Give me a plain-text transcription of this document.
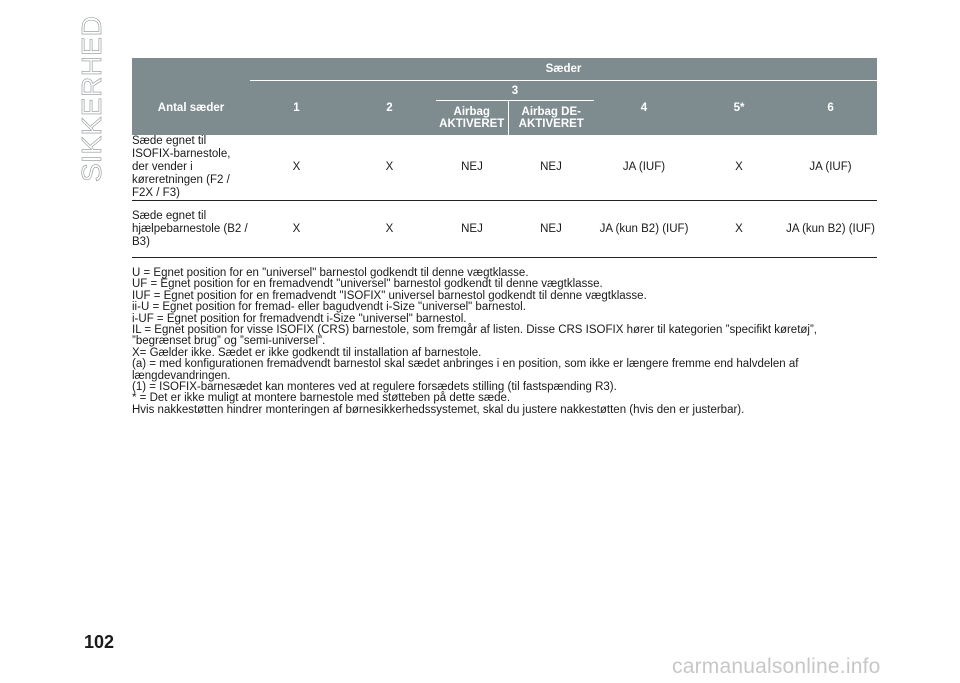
SIKKERHED
		Sæder						
Antal sæder	1	2	3		4	5*	6
			Airbag AKTIVERET	Airbag DE-AKTIVERET			
Sæde egnet til ISOFIX-barnestole, der vender i køreretningen (F2 / F2X / F3)	X	X	NEJ	NEJ	JA (IUF)	X	JA (IUF)
Sæde egnet til hjælpebarnestole (B2 / B3)	X	X	NEJ	NEJ	JA (kun B2) (IUF)	X	JA (kun B2) (IUF)

U = Egnet position for en "universel" barnestol godkendt til denne vægtklasse.

UF = Egnet position for en fremadvendt "universel" barnestol godkendt til denne vægtklasse.

IUF = Egnet position for en fremadvendt "ISOFIX" universel barnestol godkendt til denne vægtklasse.

ii-U = Egnet position for fremad- eller bagudvendt i-Size "universel" barnestol.

i-UF = Egnet position for fremadvendt i-Size "universel" barnestol.

IL = Egnet position for visse ISOFIX (CRS) barnestole, som fremgår af listen. Disse CRS ISOFIX hører til kategorien ”specifikt køretøj”,

”begrænset brug” og ”semi-universel".

X= Gælder ikke. Sædet er ikke godkendt til installation af barnestole.

(a) = med konfigurationen fremadvendt barnestol skal sædet anbringes i en position, som ikke er længere fremme end halvdelen af

længdevandringen.

(1) = ISOFIX-barnesædet kan monteres ved at regulere forsædets stilling (til fastspænding R3).

* = Det er ikke muligt at montere barnestole med støtteben på dette sæde.

Hvis nakkestøtten hindrer monteringen af børnesikkerhedssystemet, skal du justere nakkestøtten (hvis den er justerbar).

102
carmanualsonline.info
